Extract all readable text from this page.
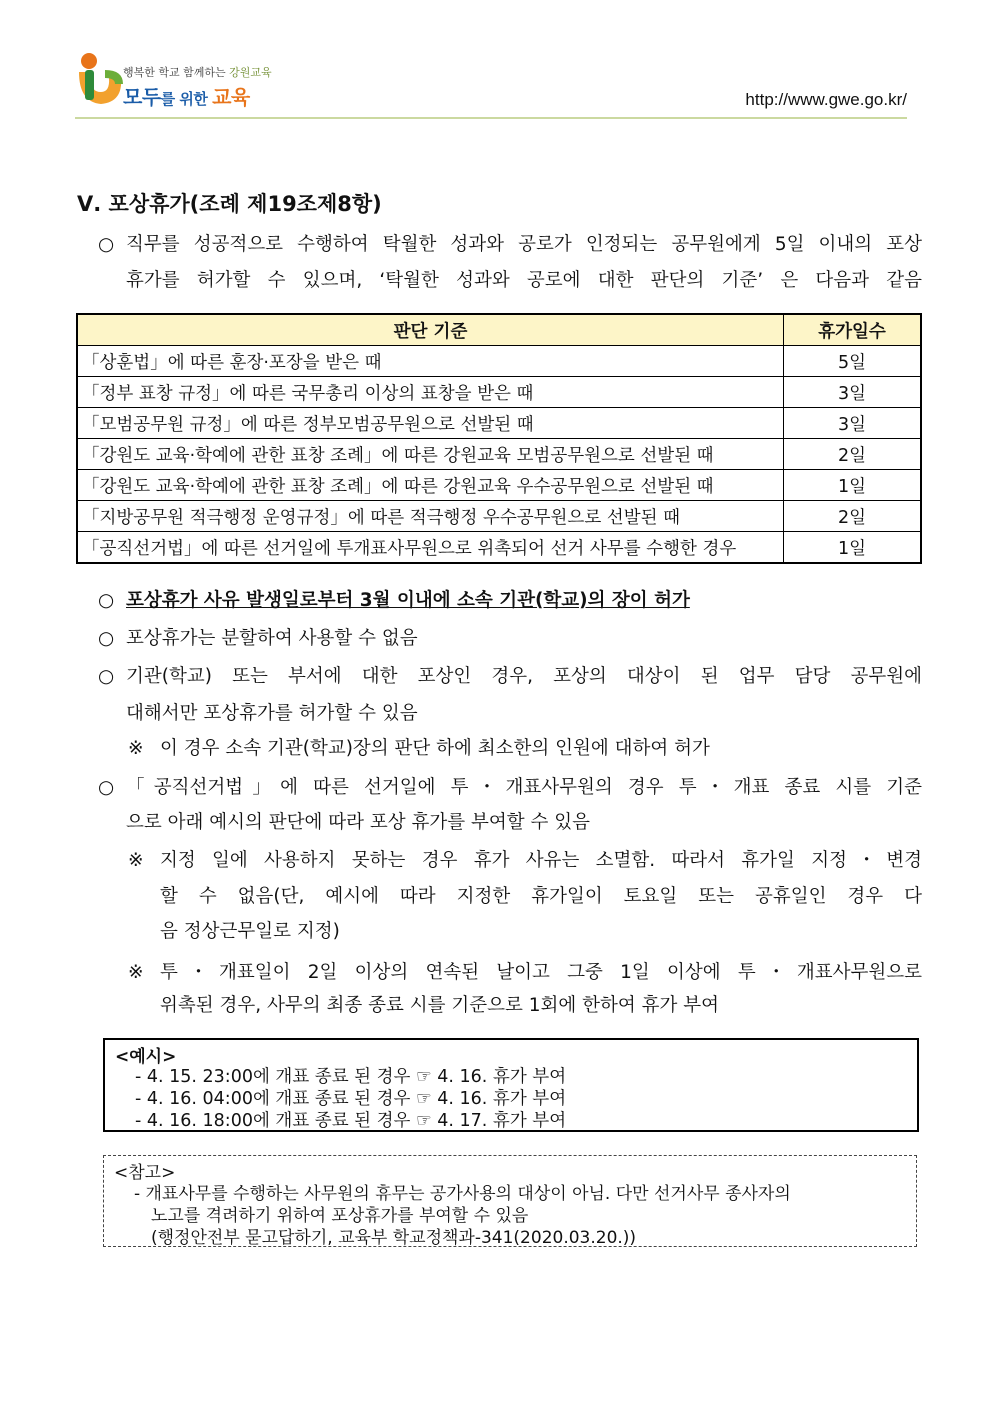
행복한 학교 함께하는 강원교육
모두를 위한 교육	http://www.gwe.go.kr/
Ⅴ. 포상휴가(조례 제19조제8항)
○ 직무를 성공적으로 수행하여 탁월한 성과와 공로가 인정되는 공무원에게 5일 이내의 포상
휴가를 허가할 수 있으며, ‘탁월한 성과와 공로에 대한 판단의 기준’ 은 다음과 같음
판단 기준	휴가일수
「상훈법」에 따른 훈장·포장을 받은 때	5일
「정부 표창 규정」에 따른 국무총리 이상의 표창을 받은 때	3일
「모범공무원 규정」에 따른 정부모범공무원으로 선발된 때	3일
「강원도 교육·학예에 관한 표창 조례」에 따른 강원교육 모범공무원으로 선발된 때	2일
「강원도 교육·학예에 관한 표창 조례」에 따른 강원교육 우수공무원으로 선발된 때	1일
「지방공무원 적극행정 운영규정」에 따른 적극행정 우수공무원으로 선발된 때	2일
「공직선거법」에 따른 선거일에 투개표사무원으로 위촉되어 선거 사무를 수행한 경우	1일
○ 포상휴가 사유 발생일로부터 3월 이내에 소속 기관(학교)의 장이 허가
○ 포상휴가는 분할하여 사용할 수 없음
○ 기관(학교) 또는 부서에 대한 포상인 경우, 포상의 대상이 된 업무 담당 공무원에
대해서만 포상휴가를 허가할 수 있음
※ 이 경우 소속 기관(학교)장의 판단 하에 최소한의 인원에 대하여 허가
○ 「공직선거법」에 따른 선거일에 투・개표사무원의 경우 투・개표 종료 시를 기준
으로 아래 예시의 판단에 따라 포상 휴가를 부여할 수 있음
※ 지정 일에 사용하지 못하는 경우 휴가 사유는 소멸함. 따라서 휴가일 지정・변경
할 수 없음(단, 예시에 따라 지정한 휴가일이 토요일 또는 공휴일인 경우 다
음 정상근무일로 지정)
※ 투・개표일이 2일 이상의 연속된 날이고 그중 1일 이상에 투・개표사무원으로
위촉된 경우, 사무의 최종 종료 시를 기준으로 1회에 한하여 휴가 부여
<예시>
- 4. 15. 23:00에 개표 종료 된 경우 ☞ 4. 16. 휴가 부여
- 4. 16. 04:00에 개표 종료 된 경우 ☞ 4. 16. 휴가 부여
- 4. 16. 18:00에 개표 종료 된 경우 ☞ 4. 17. 휴가 부여
<참고>
- 개표사무를 수행하는 사무원의 휴무는 공가사용의 대상이 아님. 다만 선거사무 종사자의
노고를 격려하기 위하여 포상휴가를 부여할 수 있음
(행정안전부 묻고답하기, 교육부 학교정책과-341(2020.03.20.))
